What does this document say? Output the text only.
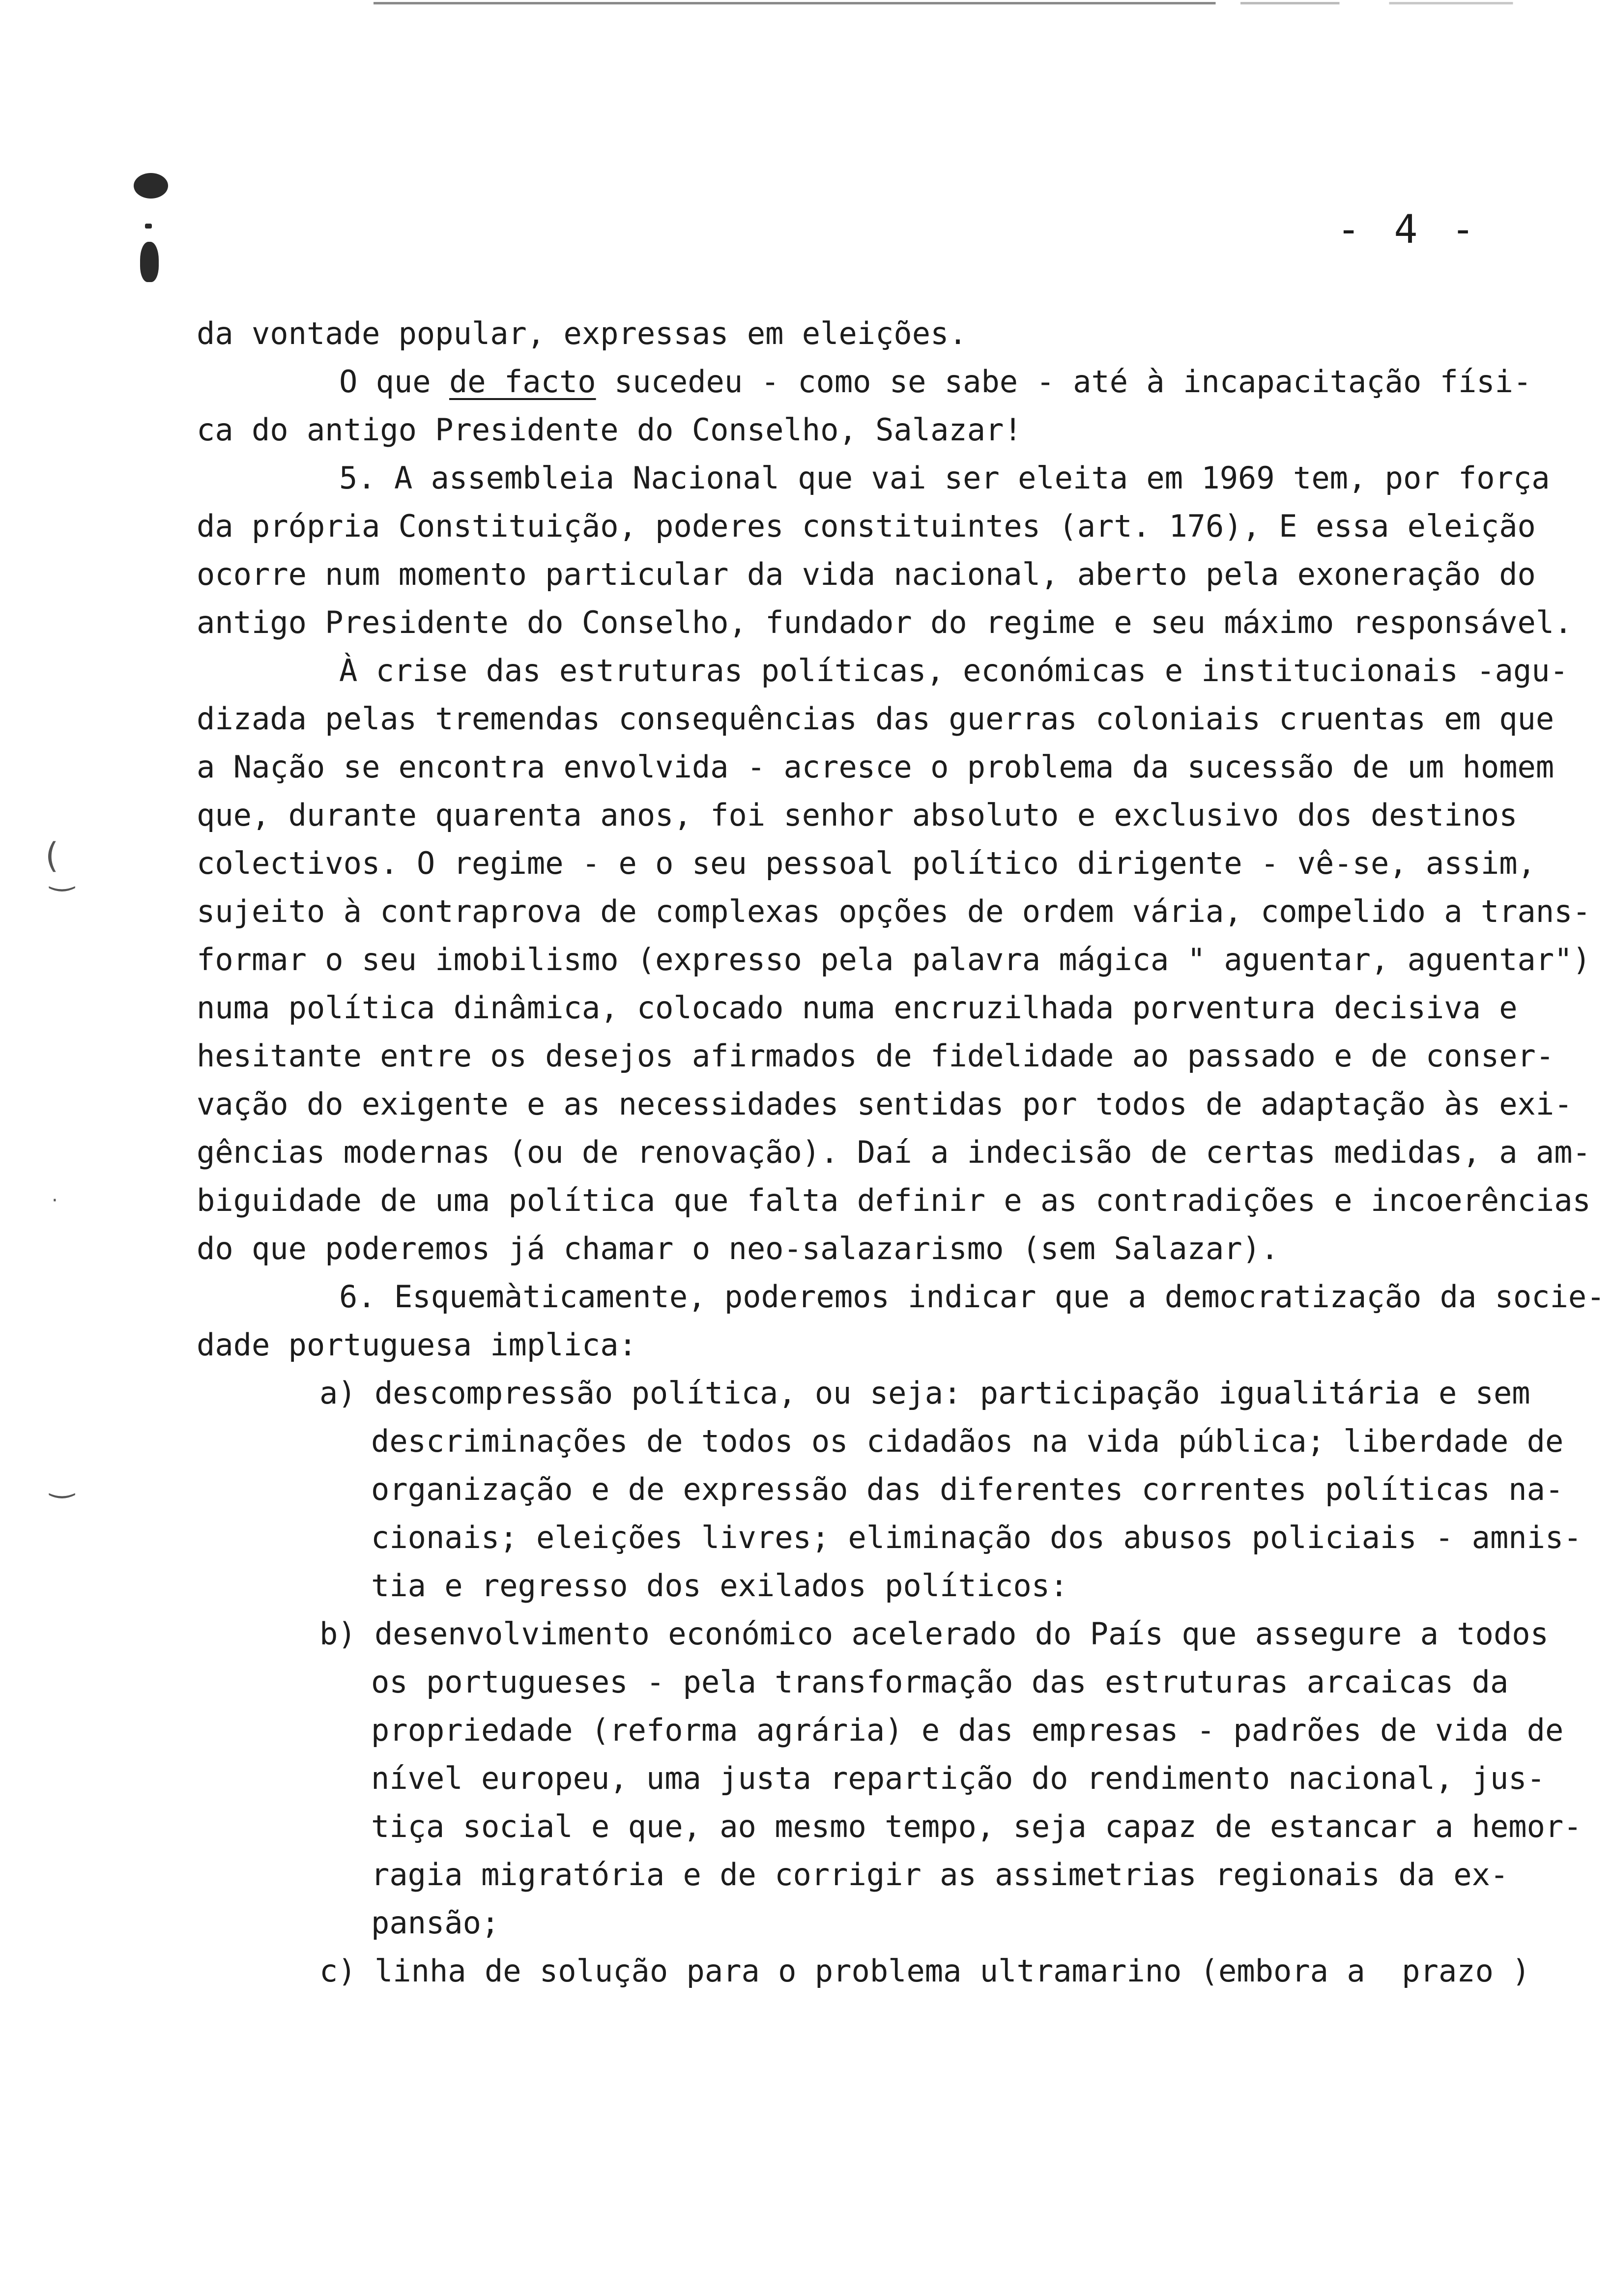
(
‿
‿
·
- 4 -
da vontade popular, expressas em eleições.
O que de facto sucedeu - como se sabe - até à incapacitação físi-
ca do antigo Presidente do Conselho, Salazar!
5. A assembleia Nacional que vai ser eleita em 1969 tem, por força
da própria Constituição, poderes constituintes (art. 176), E essa eleição
ocorre num momento particular da vida nacional, aberto pela exoneração do
antigo Presidente do Conselho, fundador do regime e seu máximo responsável.
À crise das estruturas políticas, económicas e institucionais -agu-
dizada pelas tremendas consequências das guerras coloniais cruentas em que
a Nação se encontra envolvida - acresce o problema da sucessão de um homem
que, durante quarenta anos, foi senhor absoluto e exclusivo dos destinos
colectivos. O regime - e o seu pessoal político dirigente - vê-se, assim,
sujeito à contraprova de complexas opções de ordem vária, compelido a trans-
formar o seu imobilismo (expresso pela palavra mágica " aguentar, aguentar")
numa política dinâmica, colocado numa encruzilhada porventura decisiva e
hesitante entre os desejos afirmados de fidelidade ao passado e de conser-
vação do exigente e as necessidades sentidas por todos de adaptação às exi-
gências modernas (ou de renovação). Daí a indecisão de certas medidas, a am-
biguidade de uma política que falta definir e as contradições e incoerências
do que poderemos já chamar o neo-salazarismo (sem Salazar).
6. Esquemàticamente, poderemos indicar que a democratização da socie-
dade portuguesa implica:
a) descompressão política, ou seja: participação igualitária e sem
descriminações de todos os cidadãos na vida pública; liberdade de
organização e de expressão das diferentes correntes políticas na-
cionais; eleições livres; eliminação dos abusos policiais - amnis-
tia e regresso dos exilados políticos:
b) desenvolvimento económico acelerado do País que assegure a todos
os portugueses - pela transformação das estruturas arcaicas da
propriedade (reforma agrária) e das empresas - padrões de vida de
nível europeu, uma justa repartição do rendimento nacional, jus-
tiça social e que, ao mesmo tempo, seja capaz de estancar a hemor-
ragia migratória e de corrigir as assimetrias regionais da ex-
pansão;
c) linha de solução para o problema ultramarino (embora a  prazo )
